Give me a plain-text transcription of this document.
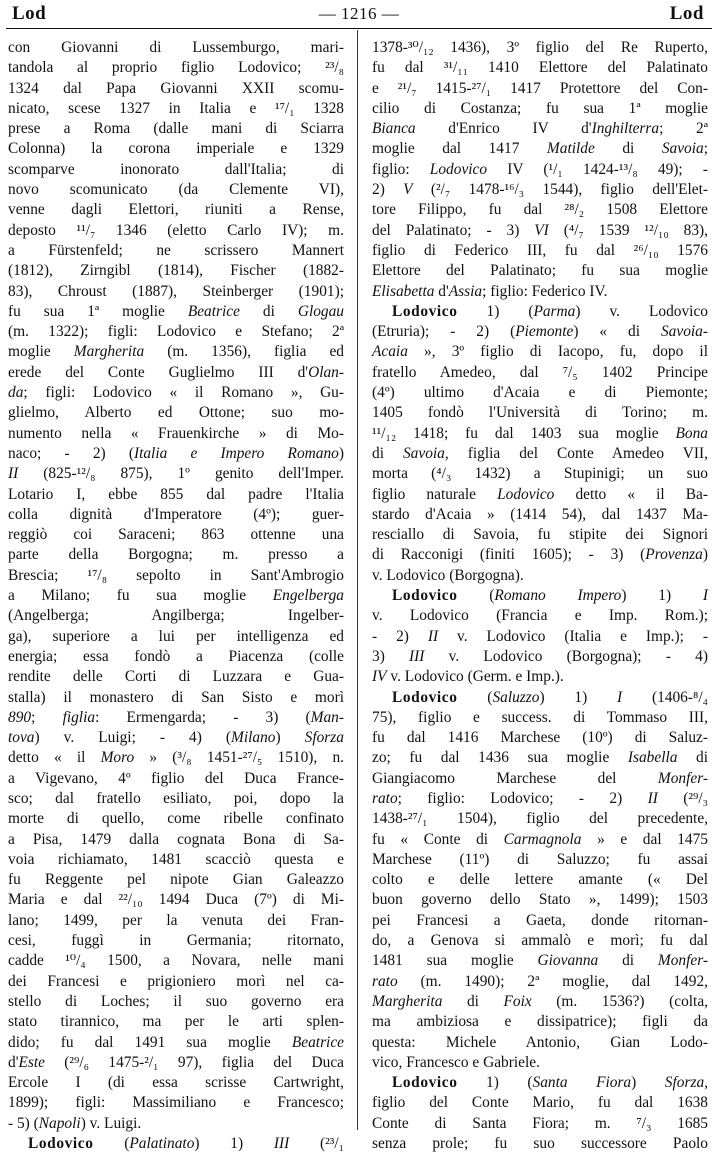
Lod	— 1216 —	Lod
con Giovanni di Lussemburgo, mari-
tandola al proprio figlio Lodovico; ²³/₈
1324 dal Papa Giovanni XXII scomu-
nicato, scese 1327 in Italia e ¹⁷/₁ 1328
prese a Roma (dalle mani di Sciarra
Colonna) la corona imperiale e 1329
scomparve inonorato dall'Italia; di
novo scomunicato (da Clemente VI),
venne dagli Elettori, riuniti a Rense,
deposto ¹¹/₇ 1346 (eletto Carlo IV); m.
a Fürstenfeld; ne scrissero Mannert
(1812), Zirngibl (1814), Fischer (1882-
83), Chroust (1887), Steinberger (1901);
fu sua 1ª moglie Beatrice di Glogau
(m. 1322); figli: Lodovico e Stefano; 2ª
moglie Margherita (m. 1356), figlia ed
erede del Conte Guglielmo III d'Olan-
da; figli: Lodovico « il Romano », Gu-
glielmo, Alberto ed Ottone; suo mo-
numento nella « Frauenkirche » di Mo-
naco; - 2) (Italia e Impero Romano)
II (825-¹²/₈ 875), 1º genito dell'Imper.
Lotario I, ebbe 855 dal padre l'Italia
colla dignità d'Imperatore (4º); guer-
reggiò coi Saraceni; 863 ottenne una
parte della Borgogna; m. presso a
Brescia; ¹⁷/₈ sepolto in Sant'Ambrogio
a Milano; fu sua moglie Engelberga
(Angelberga; Angilberga; Ingelber-
ga), superiore a lui per intelligenza ed
energia; essa fondò a Piacenza (colle
rendite delle Corti di Luzzara e Gua-
stalla) il monastero di San Sisto e morì
890; figlia: Ermengarda; - 3) (Man-
tova) v. Luigi; - 4) (Milano) Sforza
detto « il Moro » (³/₈ 1451-²⁷/₅ 1510), n.
a Vigevano, 4º figlio del Duca France-
sco; dal fratello esiliato, poi, dopo la
morte di quello, come ribelle confinato
a Pisa, 1479 dalla cognata Bona di Sa-
voia richiamato, 1481 scacciò questa e
fu Reggente pel nipote Gian Galeazzo
Maria e dal ²²/₁₀ 1494 Duca (7º) di Mi-
lano; 1499, per la venuta dei Fran-
cesi, fuggì in Germania; ritornato,
cadde ¹⁰/₄ 1500, a Novara, nelle mani
dei Francesi e prigioniero morì nel ca-
stello di Loches; il suo governo era
stato tirannico, ma per le arti splen-
dido; fu dal 1491 sua moglie Beatrice
d'Este (²⁹/₆ 1475-²/₁ 97), figlia del Duca
Ercole I (di essa scrisse Cartwright,
1899); figli: Massimiliano e Francesco;
- 5) (Napoli) v. Luigi.
Lodovico (Palatinato) 1) III (²³/₁
1378-³⁰/₁₂ 1436), 3º figlio del Re Ruperto,
fu dal ³¹/₁₁ 1410 Elettore del Palatinato
e ²¹/₇ 1415-²⁷/₁ 1417 Protettore del Con-
cilio di Costanza; fu sua 1ª moglie
Bianca d'Enrico IV d'Inghilterra; 2ª
moglie dal 1417 Matilde di Savoia;
figlio: Lodovico IV (¹/₁ 1424-¹³/₈ 49); -
2) V (²/₇ 1478-¹⁶/₃ 1544), figlio dell'Elet-
tore Filippo, fu dal ²⁸/₂ 1508 Elettore
del Palatinato; - 3) VI (⁴/₇ 1539 ¹²/₁₀ 83),
figlio di Federico III, fu dal ²⁶/₁₀ 1576
Elettore del Palatinato; fu sua moglie
Elisabetta d'Assia; figlio: Federico IV.
Lodovico 1) (Parma) v. Lodovico
(Etruria); - 2) (Piemonte) « di Savoia-
Acaia », 3º figlio di Iacopo, fu, dopo il
fratello Amedeo, dal ⁷/₅ 1402 Principe
(4º) ultimo d'Acaia e di Piemonte;
1405 fondò l'Università di Torino; m.
¹¹/₁₂ 1418; fu dal 1403 sua moglie Bona
di Savoia, figlia del Conte Amedeo VII,
morta (⁴/₃ 1432) a Stupinigi; un suo
figlio naturale Lodovico detto « il Ba-
stardo d'Acaia » (1414 54), dal 1437 Ma-
resciallo di Savoia, fu stipite dei Signori
di Racconigi (finiti 1605); - 3) (Provenza)
v. Lodovico (Borgogna).
Lodovico (Romano Impero) 1) I
v. Lodovico (Francia e Imp. Rom.);
- 2) II v. Lodovico (Italia e Imp.); -
3) III v. Lodovico (Borgogna); - 4)
IV v. Lodovico (Germ. e Imp.).
Lodovico (Saluzzo) 1) I (1406-⁸/₄
75), figlio e success. di Tommaso III,
fu dal 1416 Marchese (10º) di Saluz-
zo; fu dal 1436 sua moglie Isabella di
Giangiacomo Marchese del Monfer-
rato; figlio: Lodovico; - 2) II (²⁹/₃
1438-²⁷/₁ 1504), figlio del precedente,
fu « Conte di Carmagnola » e dal 1475
Marchese (11º) di Saluzzo; fu assai
colto e delle lettere amante (« Del
buon governo dello Stato », 1499); 1503
pei Francesi a Gaeta, donde ritornan-
do, a Genova si ammalò e morì; fu dal
1481 sua moglie Giovanna di Monfer-
rato (m. 1490); 2ª moglie, dal 1492,
Margherita di Foix (m. 1536?) (colta,
ma ambiziosa e dissipatrice); figli da
questa: Michele Antonio, Gian Lodo-
vico, Francesco e Gabriele.
Lodovico 1) (Santa Fiora) Sforza,
figlio del Conte Mario, fu dal 1638
Conte di Santa Fiora; m. ⁷/₃ 1685
senza prole; fu suo successore Paolo
